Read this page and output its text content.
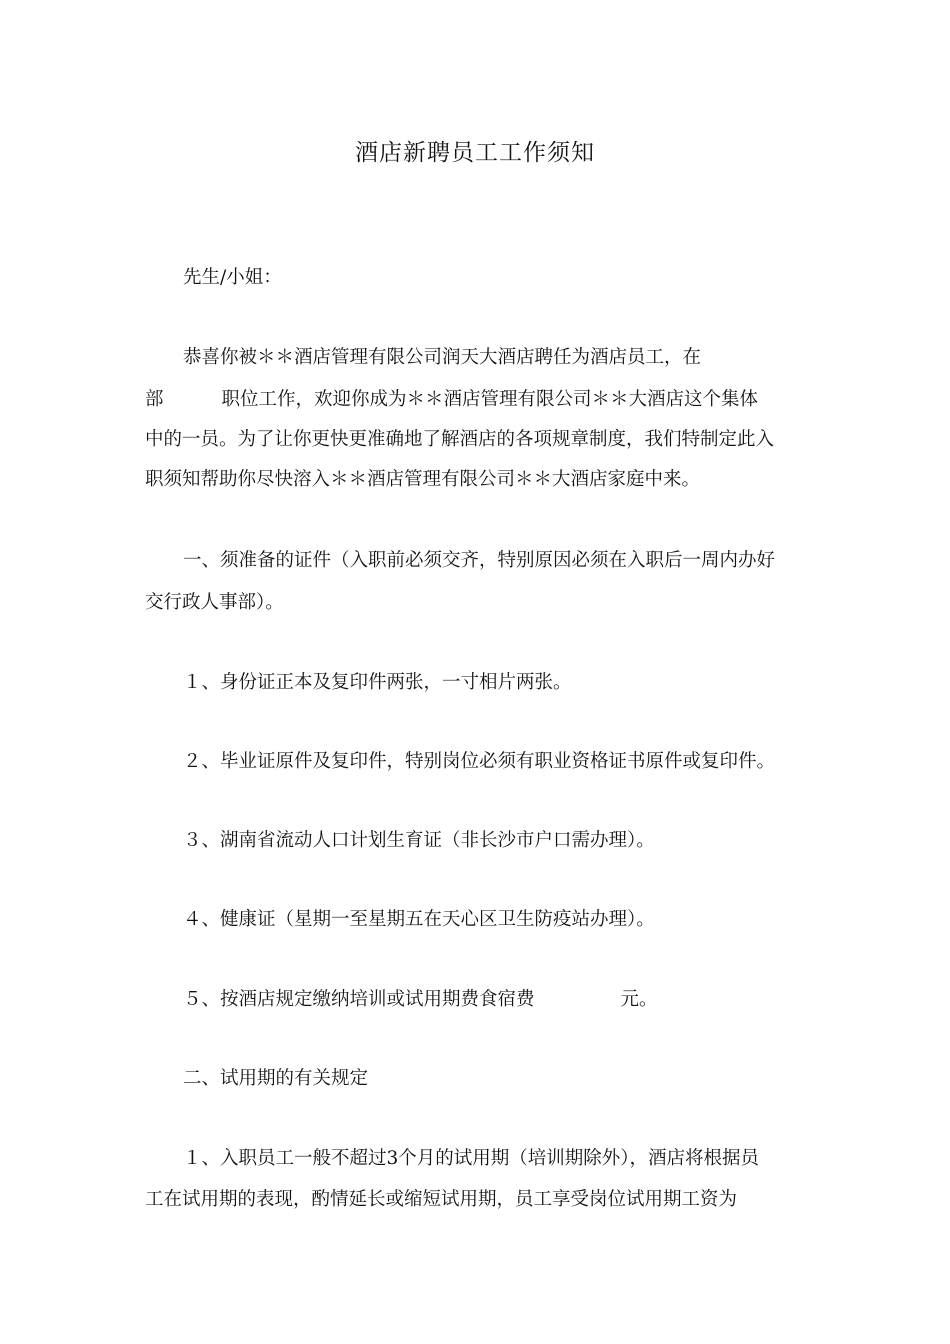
酒店新聘员工工作须知
先生/小姐：
恭喜你被＊＊酒店管理有限公司润天大酒店聘任为酒店员工，在
部	职位工作，欢迎你成为＊＊酒店管理有限公司＊＊大酒店这个集体
中的一员。为了让你更快更准确地了解酒店的各项规章制度，我们特制定此入
职须知帮助你尽快溶入＊＊酒店管理有限公司＊＊大酒店家庭中来。
一、须准备的证件（入职前必须交齐，特别原因必须在入职后一周内办好
交行政人事部）。
１、身份证正本及复印件两张，一寸相片两张。
２、毕业证原件及复印件，特别岗位必须有职业资格证书原件或复印件。
３、湖南省流动人口计划生育证（非长沙市户口需办理）。
４、健康证（星期一至星期五在天心区卫生防疫站办理）。
５、按酒店规定缴纳培训或试用期费食宿费	元。
二、试用期的有关规定
１、入职员工一般不超过3个月的试用期（培训期除外），酒店将根据员
工在试用期的表现，酌情延长或缩短试用期，员工享受岗位试用期工资为
